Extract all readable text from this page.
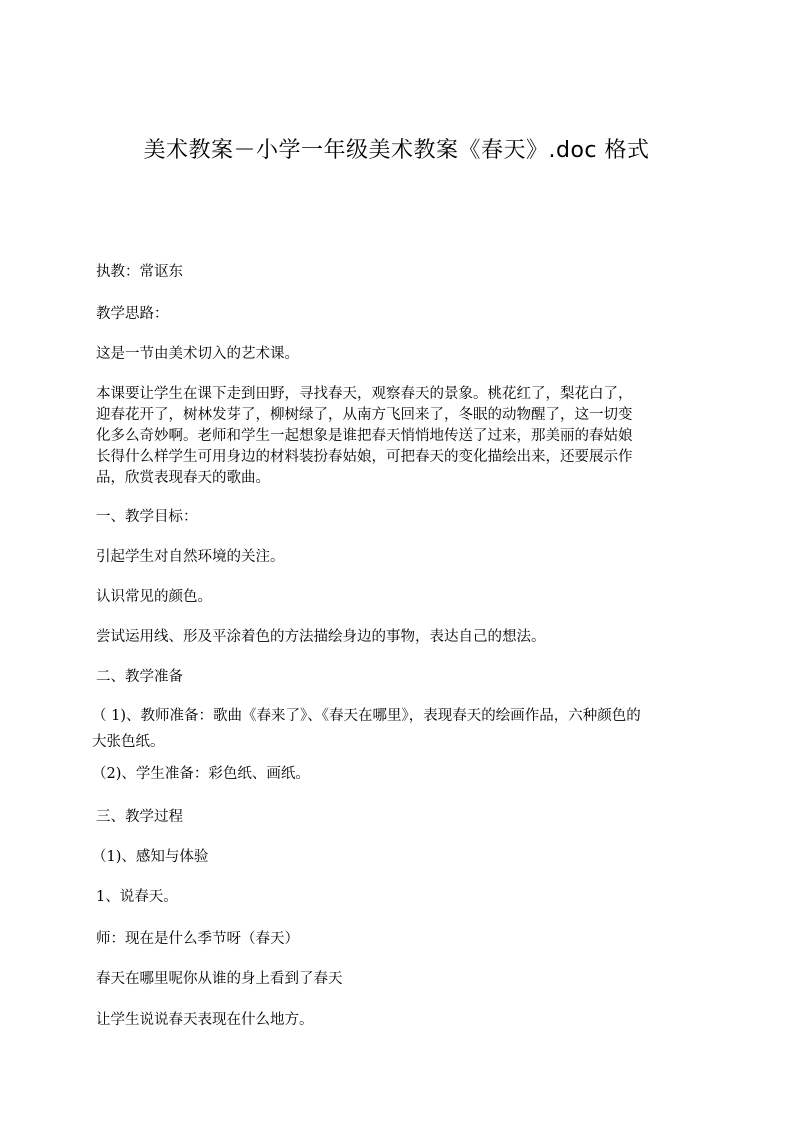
美术教案－小学一年级美术教案《春天》.doc 格式
执教：常讴东
教学思路：
这是一节由美术切入的艺术课。
本课要让学生在课下走到田野，寻找春天，观察春天的景象。桃花红了，梨花白了，
迎春花开了，树林发芽了，柳树绿了，从南方飞回来了，冬眠的动物醒了，这一切变
化多么奇妙啊。老师和学生一起想象是谁把春天悄悄地传送了过来，那美丽的春姑娘
长得什么样学生可用身边的材料装扮春姑娘，可把春天的变化描绘出来，还要展示作
品，欣赏表现春天的歌曲。
一、教学目标：
引起学生对自然环境的关注。
认识常见的颜色。
尝试运用线、形及平涂着色的方法描绘身边的事物，表达自己的想法。
二、教学准备
（ 1)、教师准备：歌曲《春来了》、《春天在哪里》，表现春天的绘画作品，六种颜色的
大张色纸。
（2)、学生准备：彩色纸、画纸。
三、教学过程
（1)、感知与体验
1、说春天。
师：现在是什么季节呀（春天）
春天在哪里呢你从谁的身上看到了春天
让学生说说春天表现在什么地方。
